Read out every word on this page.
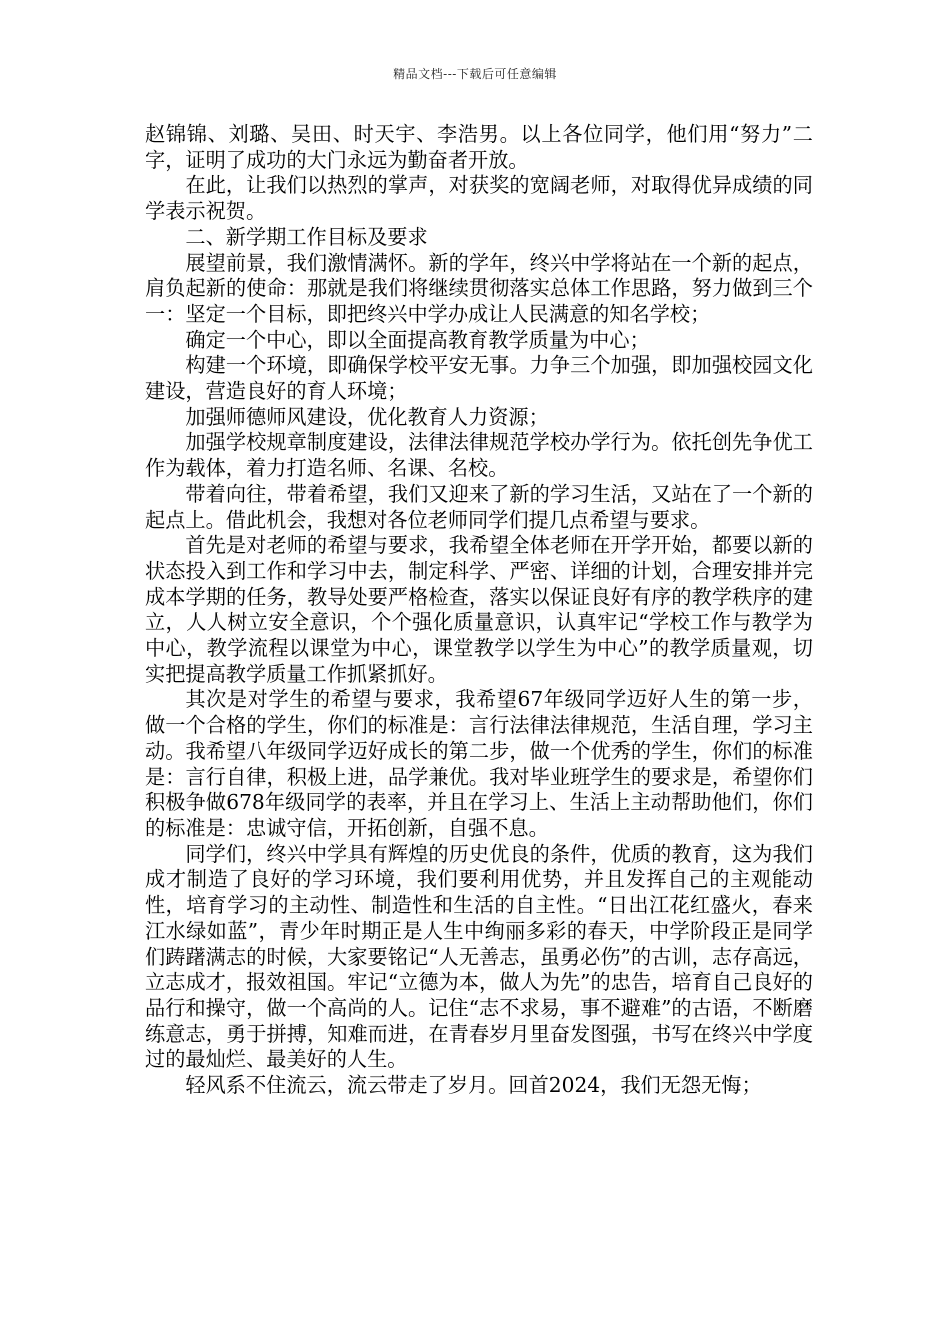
精品文档---下载后可任意编辑

赵锦锦、刘璐、吴田、时天宇、李浩男。以上各位同学，他们用“努力”二字，证明了成功的大门永远为勤奋者开放。

在此，让我们以热烈的掌声，对获奖的宽阔老师，对取得优异成绩的同学表示祝贺。

二、新学期工作目标及要求

展望前景，我们激情满怀。新的学年，终兴中学将站在一个新的起点，肩负起新的使命：那就是我们将继续贯彻落实总体工作思路，努力做到三个一：坚定一个目标，即把终兴中学办成让人民满意的知名学校；

确定一个中心，即以全面提高教育教学质量为中心；

构建一个环境，即确保学校平安无事。力争三个加强，即加强校园文化建设，营造良好的育人环境；

加强师德师风建设，优化教育人力资源；

加强学校规章制度建设，法律法律规范学校办学行为。依托创先争优工作为载体，着力打造名师、名课、名校。

带着向往，带着希望，我们又迎来了新的学习生活，又站在了一个新的起点上。借此机会，我想对各位老师同学们提几点希望与要求。

首先是对老师的希望与要求，我希望全体老师在开学开始，都要以新的状态投入到工作和学习中去，制定科学、严密、详细的计划，合理安排并完成本学期的任务，教导处要严格检查，落实以保证良好有序的教学秩序的建立，人人树立安全意识，个个强化质量意识，认真牢记“学校工作与教学为中心，教学流程以课堂为中心，课堂教学以学生为中心”的教学质量观，切实把提高教学质量工作抓紧抓好。

其次是对学生的希望与要求，我希望67年级同学迈好人生的第一步，做一个合格的学生，你们的标准是：言行法律法律规范，生活自理，学习主动。我希望八年级同学迈好成长的第二步，做一个优秀的学生，你们的标准是：言行自律，积极上进，品学兼优。我对毕业班学生的要求是，希望你们积极争做678年级同学的表率，并且在学习上、生活上主动帮助他们，你们的标准是：忠诚守信，开拓创新，自强不息。

同学们，终兴中学具有辉煌的历史优良的条件，优质的教育，这为我们成才制造了良好的学习环境，我们要利用优势，并且发挥自己的主观能动性，培育学习的主动性、制造性和生活的自主性。“日出江花红盛火，春来江水绿如蓝”，青少年时期正是人生中绚丽多彩的春天，中学阶段正是同学们踌躇满志的时候，大家要铭记“人无善志，虽勇必伤”的古训，志存高远，立志成才，报效祖国。牢记“立德为本，做人为先”的忠告，培育自己良好的品行和操守，做一个高尚的人。记住“志不求易，事不避难”的古语，不断磨练意志，勇于拼搏，知难而进，在青春岁月里奋发图强，书写在终兴中学度过的最灿烂、最美好的人生。

轻风系不住流云，流云带走了岁月。回首2024，我们无怨无悔；
